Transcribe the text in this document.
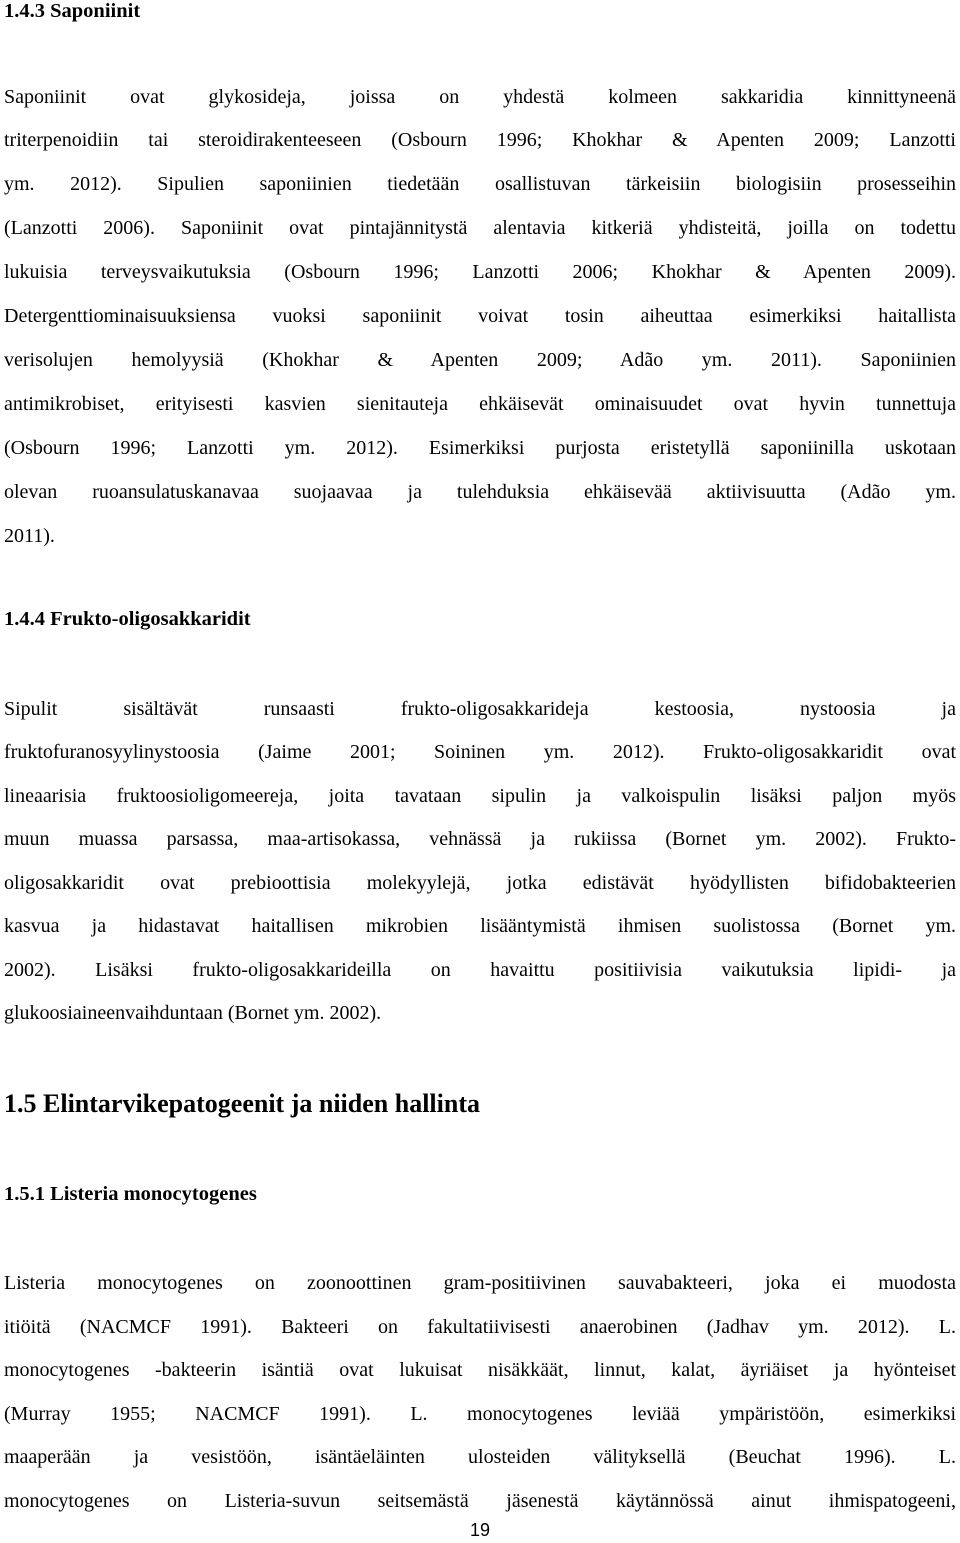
1.4.3 Saponiinit
Saponiinit ovat glykosideja, joissa on yhdestä kolmeen sakkaridia kinnittyneenä
triterpenoidiin tai steroidirakenteeseen (Osbourn 1996; Khokhar & Apenten 2009; Lanzotti
ym. 2012). Sipulien saponiinien tiedetään osallistuvan tärkeisiin biologisiin prosesseihin
(Lanzotti 2006). Saponiinit ovat pintajännitystä alentavia kitkeriä yhdisteitä, joilla on todettu
lukuisia terveysvaikutuksia (Osbourn 1996; Lanzotti 2006; Khokhar & Apenten 2009).
Detergenttiominaisuuksiensa vuoksi saponiinit voivat tosin aiheuttaa esimerkiksi haitallista
verisolujen hemolyysiä (Khokhar & Apenten 2009; Adão ym. 2011). Saponiinien
antimikrobiset, erityisesti kasvien sienitauteja ehkäisevät ominaisuudet ovat hyvin tunnettuja
(Osbourn 1996; Lanzotti ym. 2012). Esimerkiksi purjosta eristetyllä saponiinilla uskotaan
olevan ruoansulatuskanavaa suojaavaa ja tulehduksia ehkäisevää aktiivisuutta (Adão ym.
2011).
1.4.4 Frukto-oligosakkaridit
Sipulit sisältävät runsaasti frukto-oligosakkarideja kestoosia, nystoosia ja
fruktofuranosyylinystoosia (Jaime 2001; Soininen ym. 2012). Frukto-oligosakkaridit ovat
lineaarisia fruktoosioligomeereja, joita tavataan sipulin ja valkoispulin lisäksi paljon myös
muun muassa parsassa, maa-artisokassa, vehnässä ja rukiissa (Bornet ym. 2002). Frukto-
oligosakkaridit ovat prebioottisia molekyylejä, jotka edistävät hyödyllisten bifidobakteerien
kasvua ja hidastavat haitallisen mikrobien lisääntymistä ihmisen suolistossa (Bornet ym.
2002). Lisäksi frukto-oligosakkarideilla on havaittu positiivisia vaikutuksia lipidi- ja
glukoosiaineenvaihduntaan (Bornet ym. 2002).
1.5 Elintarvikepatogeenit ja niiden hallinta
1.5.1 Listeria monocytogenes
Listeria monocytogenes on zoonoottinen gram-positiivinen sauvabakteeri, joka ei muodosta
itiöitä (NACMCF 1991). Bakteeri on fakultatiivisesti anaerobinen (Jadhav ym. 2012). L.
monocytogenes -bakteerin isäntiä ovat lukuisat nisäkkäät, linnut, kalat, äyriäiset ja hyönteiset
(Murray 1955; NACMCF 1991). L. monocytogenes leviää ympäristöön, esimerkiksi
maaperään ja vesistöön, isäntäeläinten ulosteiden välityksellä (Beuchat 1996). L.
monocytogenes on Listeria-suvun seitsemästä jäsenestä käytännössä ainut ihmispatogeeni,
19
